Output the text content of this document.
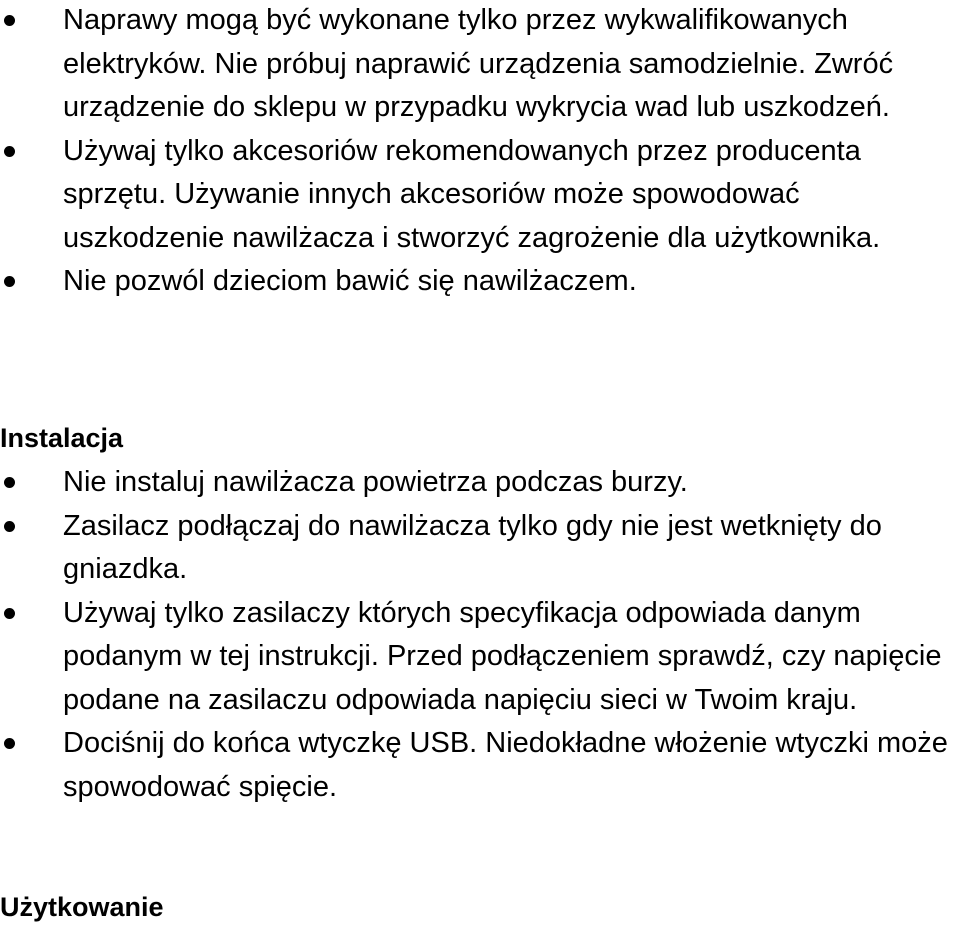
Naprawy mogą być wykonane tylko przez wykwalifikowanych elektryków. Nie próbuj naprawić urządzenia samodzielnie. Zwróć urządzenie do sklepu w przypadku wykrycia wad lub uszkodzeń.
Używaj tylko akcesoriów rekomendowanych przez producenta sprzętu. Używanie innych akcesoriów może spowodować uszkodzenie nawilżacza i stworzyć zagrożenie dla użytkownika.
Nie pozwól dzieciom bawić się nawilżaczem.
Instalacja
Nie instaluj nawilżacza powietrza podczas burzy.
Zasilacz podłączaj do nawilżacza tylko gdy nie jest wetknięty do gniazdka.
Używaj tylko zasilaczy których specyfikacja odpowiada danym podanym w tej instrukcji. Przed podłączeniem sprawdź, czy napięcie podane na zasilaczu odpowiada napięciu sieci w Twoim kraju.
Dociśnij do końca wtyczkę USB. Niedokładne włożenie wtyczki może spowodować spięcie.
Użytkowanie
